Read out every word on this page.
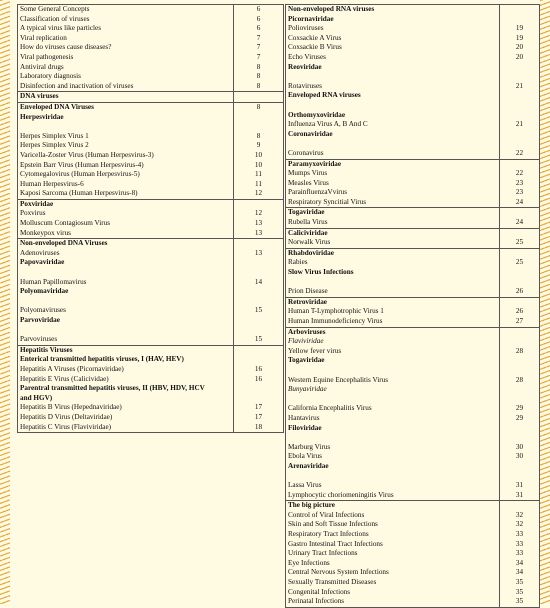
Some General Concepts	6
Classification of viruses	6
A typical virus like particles	6
Viral replication	7
How do viruses cause diseases?	7
Viral pathogenesis	7
Antiviral drugs	8
Laboratory diagnosis	8
Disinfection and inactivation of viruses	8
DNA viruses	
Enveloped DNA Viruses	8
Herpesviridae	

Herpes Simplex Virus 1	8
Herpes Simplex Virus 2	9
Varicella-Zoster Virus (Human Herpesvirus-3)	10
Epstein Barr Virus (Human Herpesvirus-4)	10
Cytomegalovirus (Human Herpesvirus-5)	11
Human Herpesvirus-6	11
Kaposi Sarcoma (Human Herpesvirus-8)	12
Poxviridae	
Poxvirus	12
Molluscum Contagiosum Virus	13
Monkeypox virus	13
Non-enveloped DNA Viruses	
Adenoviruses	13
Papovaviridae	

Human Papillomavirus	14
Polyomaviridae	

Polyomaviruses	15
Parvoviridae	

Parvoviruses	15
Hepatitis Viruses	
Enterical transmitted hepatitis viruses, I (HAV, HEV)	
Hepatitis A Viruses (Picornaviridae)	16
Hepatitis E Virus (Calicividae)	16
Parentral transmitted hepatitis viruses, II (HBV, HDV, HCV	
and HGV)	
Hepatitis B Virus (Hepednaviridae)	17
Hepatitis D Virus (Deltaviridae)	17
Hepatitis C Virus (Flaviviridae)	18
Non-enveloped RNA viruses	
Picornaviridae	
Polioviruses	19
Coxsackie A Virus	19
Coxsackie B Virus	20
Echo Viruses	20
Reoviridae	

Rotaviruses	21
Enveloped RNA viruses	

Orthomyxoviridae	
Influenza Virus A, B And C	21
Coronaviridae	

Coronavirus	22
Paramyxoviridae	
Mumps Virus	22
Measles Virus	23
ParainfluenzaVvirus	23
Respiratory Syncitial Virus	24
Togaviridae	
Rubella Virus	24
Caliciviridae	
Norwalk Virus	25
Rhabdoviridae	
Rabies	25
Slow Virus Infections	

Prion Disease	26
Retroviridae	
Human T-Lymphotrophic Virus 1	26
Human Immunodeficiency Virus	27
Arboviruses	
Flaviviridae	
Yellow fever virus	28
Togaviridae	

Western Equine Encephalitis Virus	28
Bunyaviridae	

California Encephalitis Virus	29
Hantavirus	29
Filoviridae	

Marburg Virus	30
Ebola Virus	30
Arenaviridae	

Lassa Virus	31
Lymphocytic choriomeningitis Virus	31
The big picture	
Control of Viral Infections	32
Skin and Soft Tissue Infections	32
Respiratory Tract Infections	33
Gastro Intestinal Tract Infections	33
Urinary Tract Infections	33
Eye Infections	34
Central Nervous System Infections	34
Sexually Transmitted Diseases	35
Congenital Infections	35
Perinatal Infections	35
